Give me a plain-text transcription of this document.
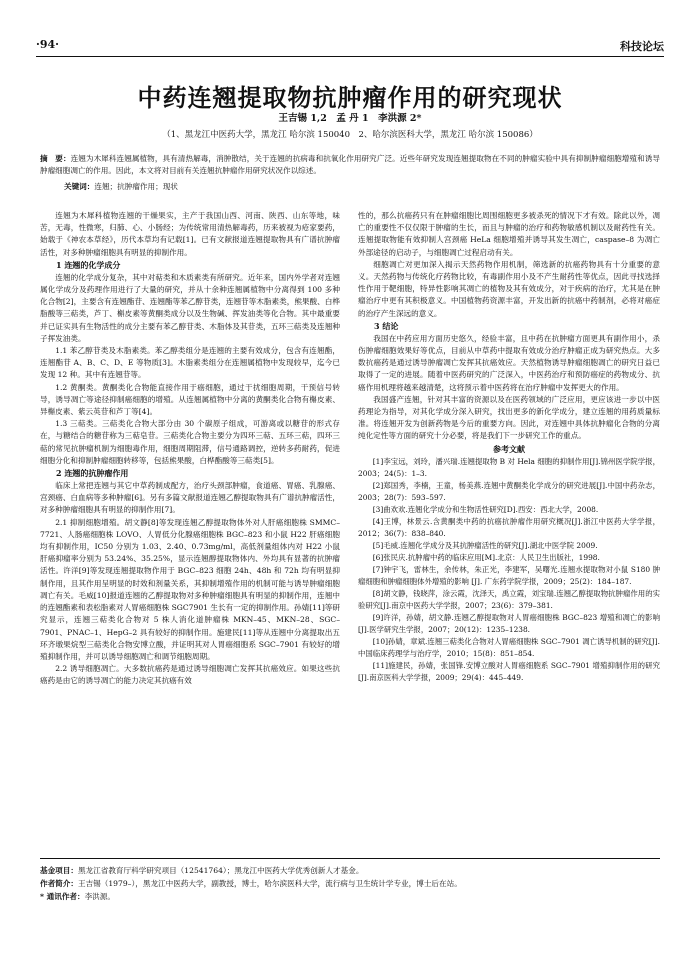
·94·	科技论坛
中药连翘提取物抗肿瘤作用的研究现状
王吉锡 1,2　孟 丹 1　李洪源 2*
（1、黑龙江中医药大学，黑龙江 哈尔滨 150040　2、哈尔滨医科大学，黑龙江 哈尔滨 150086）
摘　要：连翘为木犀科连翘属植物，具有清热解毒，消肿散结，关于连翘的抗病毒和抗氧化作用研究广泛。近些年研究发现连翘提取物在不同的肿瘤实验中具有抑制肿瘤细胞增殖和诱导肿瘤细胞凋亡的作用。因此，本文将对目前有关连翘抗肿瘤作用研究状况作以综述。
关键词：连翘；抗肿瘤作用；现状

连翘为木犀科植物连翘的干燥果实，主产于我国山西、河南、陕西、山东等地，味苦，无毒，性微寒，归肺、心、小肠经；为传统常用清热解毒药，历来被视为疮家要药，始载于《神农本草经》，历代本草均有记载[1]。已有文献报道连翘提取物具有广谱抗肿瘤活性，对多种肿瘤细胞具有明显的抑制作用。

1 连翘的化学成分

连翘的化学成分复杂，其中对萜类和木质素类有所研究。近年来，国内外学者对连翘属化学成分及药理作用进行了大量的研究，并从十余种连翘属植物中分离得到 100 多种化合物[2]，主要含有连翘酯苷、连翘酯等苯乙醇苷类，连翘苷等木脂素类，熊果酸、白桦脂酸等三萜类，芦丁、槲皮素等黄酮类成分以及生物碱、挥发油类等化合物。其中最重要并已证实具有生物活性的成分主要有苯乙醇苷类、木脂体及其苷类，五环三萜类及连翘种子挥发油类。

1.1 苯乙醇苷类及木脂素类。苯乙醇类组分是连翘的主要有效成分，包含有连翘酯，连翘酯苷 A、B、C、D、E 等物质[3]。木脂素类组分在连翘属植物中发现较早，迄今已发现 12 种。其中有连翘苷等。

1.2 黄酮类。黄酮类化合物能直接作用于癌细胞，通过于扰细胞周期，干预信号转导，诱导凋亡等途径抑制癌细胞的增殖。从连翘属植物中分离的黄酮类化合物有槲皮素、异槲皮素、紫云英苷和芦丁等[4]。

1.3 三萜类。三萜类化合物大部分由 30 个碳原子组成，可游离或以糖苷的形式存在，与糖结合的糖苷称为三萜皂苷。三萜类化合物主要分为四环三萜、五环三萜，四环三萜的常见抗肿瘤机制为细胞毒作用，细胞周期阻滞，信号通路调控，逆转多药耐药，促进细胞分化和抑制肿瘤细胞转移等，包括熊果酸，白桦酯酸等三萜类[5]。

2 连翘的抗肿瘤作用

临床上常把连翘与其它中草药制成配方，治疗头颈部肿瘤，食道癌、胃癌、乳腺癌、宫颈癌、白血病等多种肿瘤[6]。另有多篇文献报道连翘乙醇提取物具有广谱抗肿瘤活性，对多种肿瘤细胞具有明显的抑制作用[7]。

2.1 抑制细胞增殖。胡文静[8]等发现连翘乙醇提取物体外对人肝癌细胞株 SMMC–7721、人肠癌细胞株 LOVO、人胃低分化腺癌细胞株 BGC–823 和小鼠 H22 肝癌细胞均有抑制作用，IC50 分别为 1.03、2.40、0.73mg/ml，高低剂量组体内对 H22 小鼠肝癌抑瘤率分别为 53.24%、35.25%，显示连翘醇提取物体内、外均具有显著的抗肿瘤活性。许洋[9]等发现连翘提取物作用于 BGC–823 细胞 24h、48h 和 72h 均有明显抑制作用，且其作用呈明显的时效和剂量关系，其抑制增殖作用的机制可能与诱导肿瘤细胞凋亡有关。毛威[10]报道连翘的乙醇提取物对多种肿瘤细胞具有明显的抑制作用，连翘中的连翘酯素和表松脂素对人胃癌细胞株 SGC7901 生长有一定的抑制作用。孙婧[11]等研究显示，连翘三萜类化合物对 5 株人消化道肿瘤株 MKN–45、MKN–28、SGC–7901、PNAC–1、HepG–2 具有较好的抑制作用。施建民[11]等从连翘中分离提取出五环齐墩果烷型三萜类化合物安博立酸，并证明其对人胃癌细胞系 SGC–7901 有较好的增殖抑制作用，并可以诱导细胞凋亡和调节细胞周期。

2.2 诱导细胞凋亡。大多数抗癌药是通过诱导细胞凋亡发挥其抗癌效应。如果这些抗癌药是由它的诱导凋亡的能力决定其抗癌有效

性的，那么抗癌药只有在肿瘤细胞比周围细胞更多被杀死的情况下才有效。除此以外，凋亡的重要性不仅仅限于肿瘤的生长，而且与肿瘤的治疗和药物敏感机制以及耐药性有关。连翘提取物能有效抑制人宫颈癌 HeLa 细胞增殖并诱导其发生凋亡，caspase–8 为凋亡外部途径的启动子，与细胞凋亡过程启动有关。

细胞凋亡对更加深入揭示天然药物作用机制，筛选新的抗癌药物具有十分重要的意义。天然药物与传统化疗药物比较，有毒副作用小及不产生耐药性等优点，因此寻找选择性作用于靶细胞，特异性影响其凋亡的植物及其有效成分，对于疾病的治疗，尤其是在肿瘤治疗中更有其积极意义。中国植物药资源丰富，开发出新的抗癌中药制剂，必将对癌症的治疗产生深远的意义。

3 结论

我国在中药应用方面历史悠久，经验丰富，且中药在抗肿瘤方面更具有副作用小，杀伤肿瘤细胞效果好等优点，目前从中草药中提取有效成分治疗肿瘤正成为研究热点。大多数抗癌药是通过诱导肿瘤凋亡发挥其抗癌效应。天然植物诱导肿瘤细胞凋亡的研究日益已取得了一定的进展。随着中医药研究的广泛深入，中医药治疗和预防癌症的药物成分、抗癌作用机理将越来越清楚，这将预示着中医药将在治疗肿瘤中发挥更大的作用。

我国盛产连翘，针对其丰富的资源以及在医药领域的广泛应用，更应该进一步以中医药理论为指导，对其化学成分深入研究，找出更多的新化学成分，建立连翘的用药质量标准。将连翘开发为创新药物是今后的重要方向。因此，对连翘中具体抗肿瘤化合物的分离纯化定性等方面的研究十分必要，将是我们下一步研究工作的重点。

参考文献

[1]李宝远，刘玲，潘兴瑞.连翘提取物 B 对 Hela 细胞的抑制作用[J].锦州医学院学报，2003；24(5)：1–3.

[2]郑国秀，李楠，王童，杨美燕.连翘中黄酮类化学成分的研究进展[J].中国中药杂志，2003；28(7)：593–597.

[3]曲欢欢.连翘化学成分和生物活性研究[D].西安：西北大学，2008.

[4]王博，林景云.含黄酮类中药的抗癌抗肿瘤作用研究概况[J].浙江中医药大学学报，2012；36(7)：838–840.

[5]毛威.连翘化学成分及其抗肿瘤活性的研究[J].湖北中医学院 2009.

[6]张民庆.抗肿瘤中药的临床应用[M].北京：人民卫生出版社，1998.

[7]钟宇飞，雷林生，余传林，朱正光，李建军，吴曙光.连翘水提取物对小鼠 S180 肿瘤细胞和肿瘤细胞体外增殖的影响 [J]. 广东药学院学报，2009；25(2)：184–187.

[8]胡文静，钱晓萍，涂云霞，沈泽天，禹立霞，刘宝瑞.连翘乙醇提取物抗肿瘤作用的实验研究[J].南京中医药大学学报，2007；23(6)：379–381.

[9]许洋，孙婧，胡文静.连翘乙醇提取物对人胃癌细胞株 BGC–823 增殖和凋亡的影响[J].医学研究生学报，2007；20(12)：1235–1238.

[10]孙婧，章斌.连翘三萜类化合物对人胃癌细胞株 SGC–7901 凋亡诱导机制的研究[J].中国临床药理学与治疗学，2010；15(8)：851–854.

[11]施建民，孙婧，张国锋.安博立酸对人胃癌细胞系 SGC–7901 增殖抑制作用的研究[J].南京医科大学学报，2009；29(4)：445–449.

基金项目：黑龙江省教育厅科学研究项目（12541764）；黑龙江中医药大学优秀创新人才基金。
作者简介：王吉锡（1979–），黑龙江中医药大学，副教授，博士，哈尔滨医科大学，流行病与卫生统计学专业，博士后在站。
* 通讯作者：李洪源。
